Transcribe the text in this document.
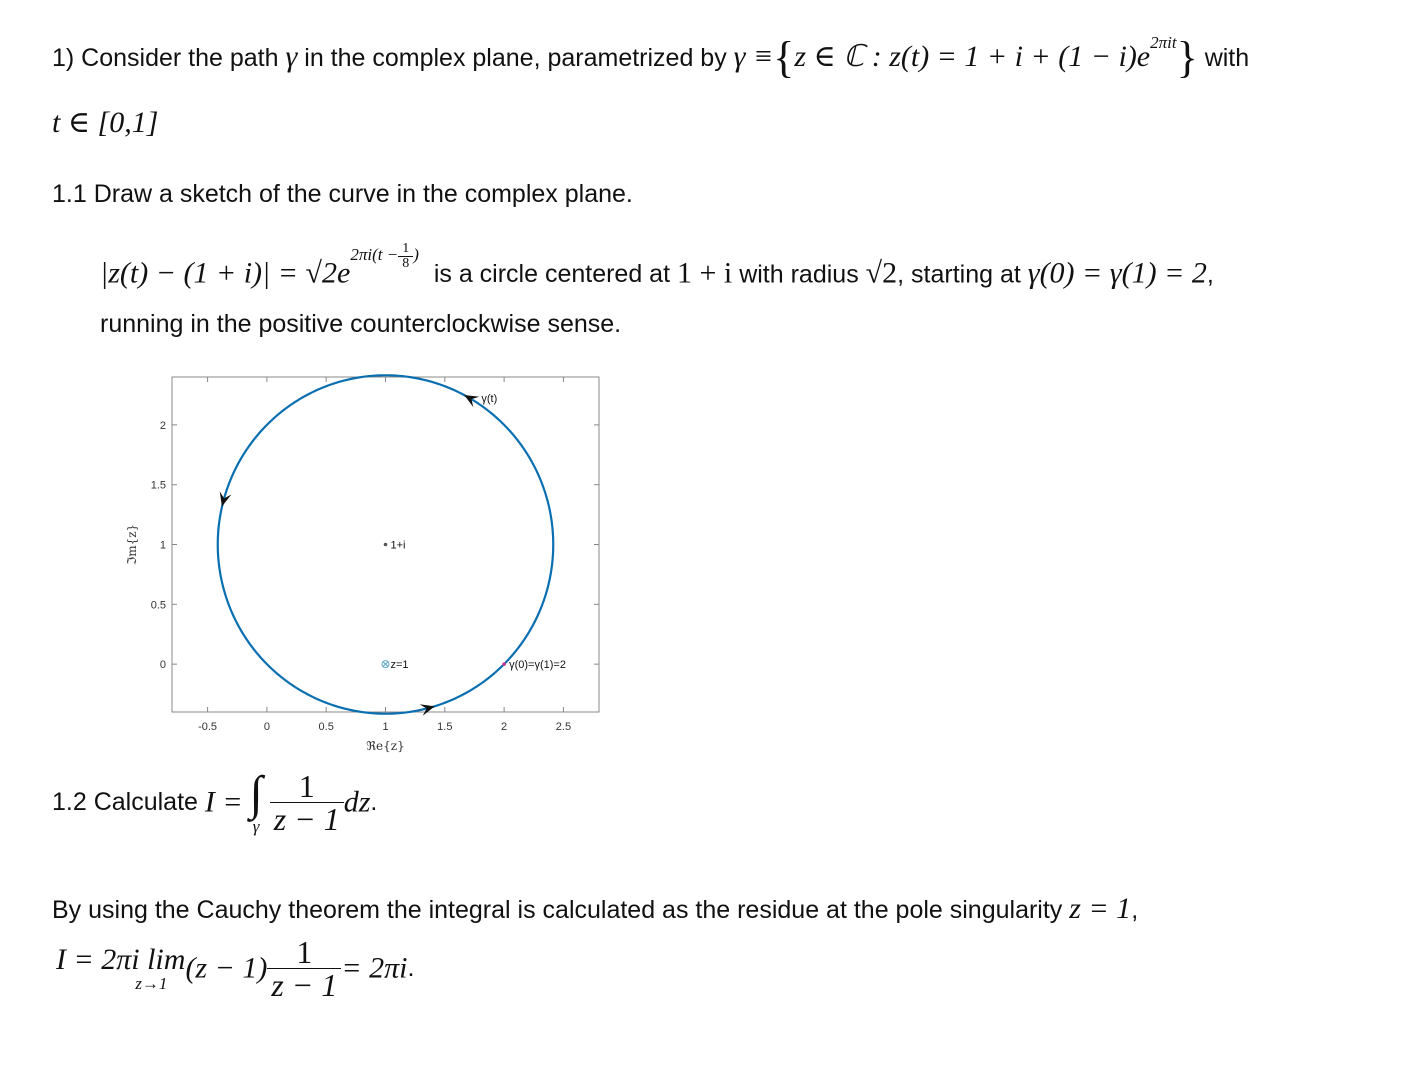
1) Consider the path γ in the complex plane, parametrized by γ ≡{z ∈ ℂ : $z(t) = 1 + i + (1 - i)e^{2\pi it}$} with
t ∈ [0,1]
1.1 Draw a sketch of the curve in the complex plane.
$|z(t) - (1 + i)| = √2e^{2\pi i(t - \frac{1}{8} )}$ is a circle centered at 1 + i with radius √2, starting at γ(0) = γ(1) = 2,
running in the positive counterclockwise sense.
-0.5	0	0.5	1	1.5	2	2.5
0
0.5
1
1.5
2
1+i
z=1	γ(0)=γ(1)=2
γ(t)
ℜe{z}
ℑm{z}
1.2 Calculate I = ∫
γ
$\frac{1}{z - 1}$ dz.
By using the Cauchy theorem the integral is calculated as the residue at the pole singularity z = 1,
I = 2πi lim
z→1 $(z - 1) \frac{1}{z - 1} = 2\pi i$.
